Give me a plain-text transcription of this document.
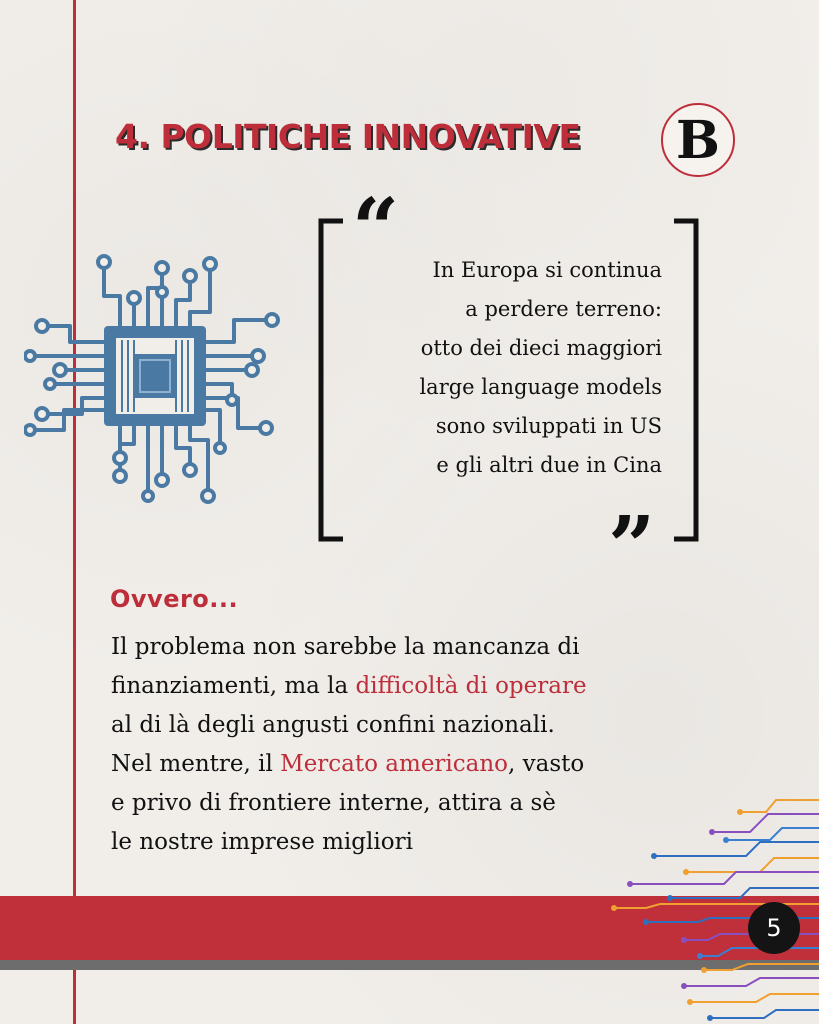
4. POLITICHE INNOVATIVE B
“
”
In Europa si continua
a perdere terreno:
otto dei dieci maggiori
large language models
sono sviluppati in US
e gli altri due in Cina
Ovvero...
Il problema non sarebbe la mancanza di
finanziamenti, ma la difficoltà di operare
al di là degli angusti confini nazionali.
Nel mentre, il Mercato americano, vasto
e privo di frontiere interne, attira a sè
le nostre imprese migliori
5
